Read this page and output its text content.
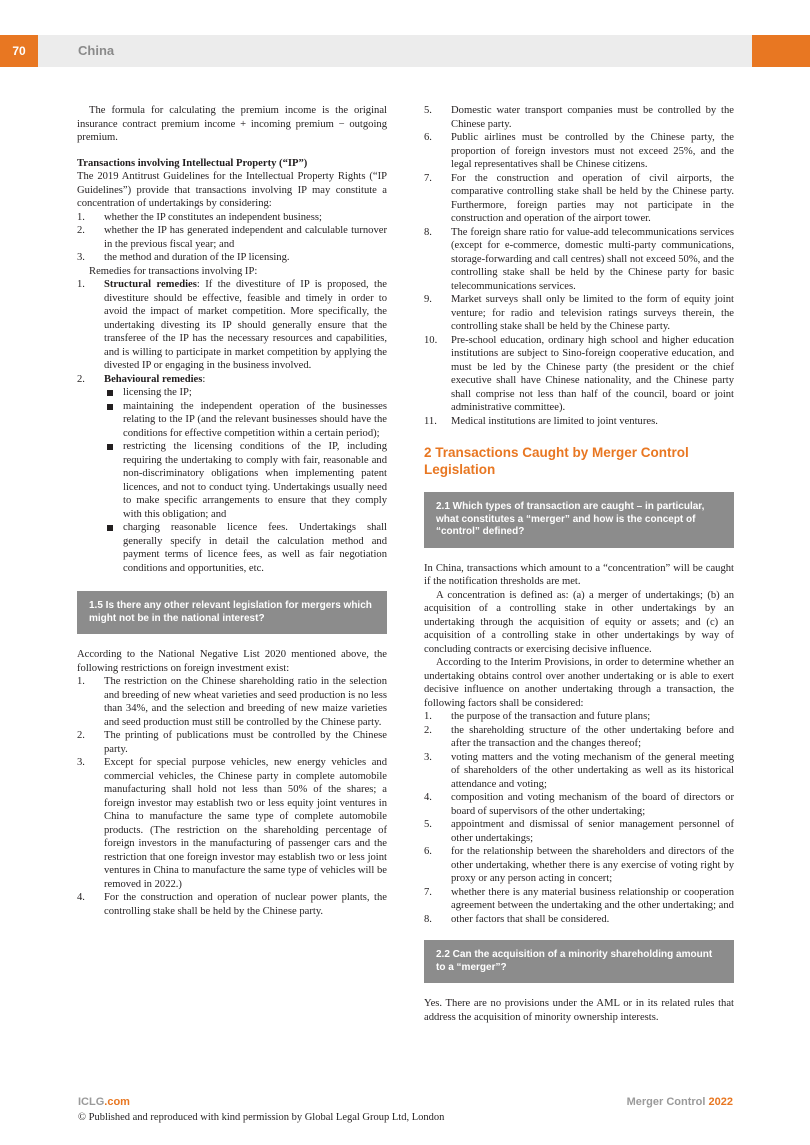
70	China

The formula for calculating the premium income is the original insurance contract premium income + incoming premium − outgoing premium.

Transactions involving Intellectual Property (“IP”)

The 2019 Antitrust Guidelines for the Intellectual Property Rights (“IP Guidelines”) provide that transactions involving IP may constitute a concentration of undertakings by considering:

1. whether the IP constitutes an independent business;
2. whether the IP has generated independent and calculable turnover in the previous fiscal year; and
3. the method and duration of the IP licensing.

Remedies for transactions involving IP:

1. Structural remedies: If the divestiture of IP is proposed, the divestiture should be effective, feasible and timely in order to avoid the impact of market competition. More specifically, the undertaking divesting its IP should generally ensure that the transferee of the IP has the necessary resources and capabilities, and is willing to participate in market competition by applying the divested IP or engaging in the business involved.
2. Behavioural remedies:
licensing the IP;
maintaining the independent operation of the businesses relating to the IP (and the relevant businesses should have the conditions for effective competition within a certain period);
restricting the licensing conditions of the IP, including requiring the undertaking to comply with fair, reasonable and non-discriminatory obligations when implementing patent licences, and not to conduct tying. Undertakings usually need to make specific arrangements to ensure that they comply with this obligation; and
charging reasonable licence fees. Undertakings shall generally specify in detail the calculation method and payment terms of licence fees, as well as fair negotiation conditions and opportunities, etc.
1.5 Is there any other relevant legislation for mergers which might not be in the national interest?

According to the National Negative List 2020 mentioned above, the following restrictions on foreign investment exist:

1. The restriction on the Chinese shareholding ratio in the selection and breeding of new wheat varieties and seed production is no less than 34%, and the selection and breeding of new maize varieties and seed production must still be controlled by the Chinese party.
2. The printing of publications must be controlled by the Chinese party.
3. Except for special purpose vehicles, new energy vehicles and commercial vehicles, the Chinese party in complete automobile manufacturing shall hold not less than 50% of the shares; a foreign investor may establish two or less equity joint ventures in China to manufacture the same type of complete automobile products. (The restriction on the shareholding percentage of foreign investors in the manufacturing of passenger cars and the restriction that one foreign investor may establish two or less joint ventures in China to manufacture the same type of vehicles will be removed in 2022.)
4. For the construction and operation of nuclear power plants, the controlling stake shall be held by the Chinese party.
5. Domestic water transport companies must be controlled by the Chinese party.
6. Public airlines must be controlled by the Chinese party, the proportion of foreign investors must not exceed 25%, and the legal representatives shall be Chinese citizens.
7. For the construction and operation of civil airports, the comparative controlling stake shall be held by the Chinese party. Furthermore, foreign parties may not participate in the construction and operation of the airport tower.
8. The foreign share ratio for value-add telecommunications services (except for e-commerce, domestic multi-party communications, storage-forwarding and call centres) shall not exceed 50%, and the controlling stake shall be held by the Chinese party for basic telecommunications services.
9. Market surveys shall only be limited to the form of equity joint venture; for radio and television ratings surveys therein, the controlling stake shall be held by the Chinese party.
10. Pre-school education, ordinary high school and higher education institutions are subject to Sino-foreign cooperative education, and must be led by the Chinese party (the president or the chief executive shall have Chinese nationality, and the Chinese party shall comprise not less than half of the council, board or joint administrative committee).
11. Medical institutions are limited to joint ventures.
2 Transactions Caught by Merger Control Legislation
2.1 Which types of transaction are caught – in particular, what constitutes a “merger” and how is the concept of “control” defined?

In China, transactions which amount to a “concentration” will be caught if the notification thresholds are met.

A concentration is defined as: (a) a merger of undertakings; (b) an acquisition of a controlling stake in other undertakings by an undertaking through the acquisition of equity or assets; and (c) an acquisition of a controlling stake in other undertakings by way of concluding contracts or exercising decisive influence.

According to the Interim Provisions, in order to determine whether an undertaking obtains control over another undertaking or is able to exert decisive influence on another undertaking through a transaction, the following factors shall be considered:

1. the purpose of the transaction and future plans;
2. the shareholding structure of the other undertaking before and after the transaction and the changes thereof;
3. voting matters and the voting mechanism of the general meeting of shareholders of the other undertaking as well as its historical attendance and voting;
4. composition and voting mechanism of the board of directors or board of supervisors of the other undertaking;
5. appointment and dismissal of senior management personnel of other undertakings;
6. for the relationship between the shareholders and directors of the other undertaking, whether there is any exercise of voting right by proxy or any person acting in concert;
7. whether there is any material business relationship or cooperation agreement between the undertaking and the other undertaking; and
8. other factors that shall be considered.
2.2 Can the acquisition of a minority shareholding amount to a “merger”?

Yes. There are no provisions under the AML or in its related rules that address the acquisition of minority ownership interests.

ICLG.com	Merger Control 2022
© Published and reproduced with kind permission by Global Legal Group Ltd, London
